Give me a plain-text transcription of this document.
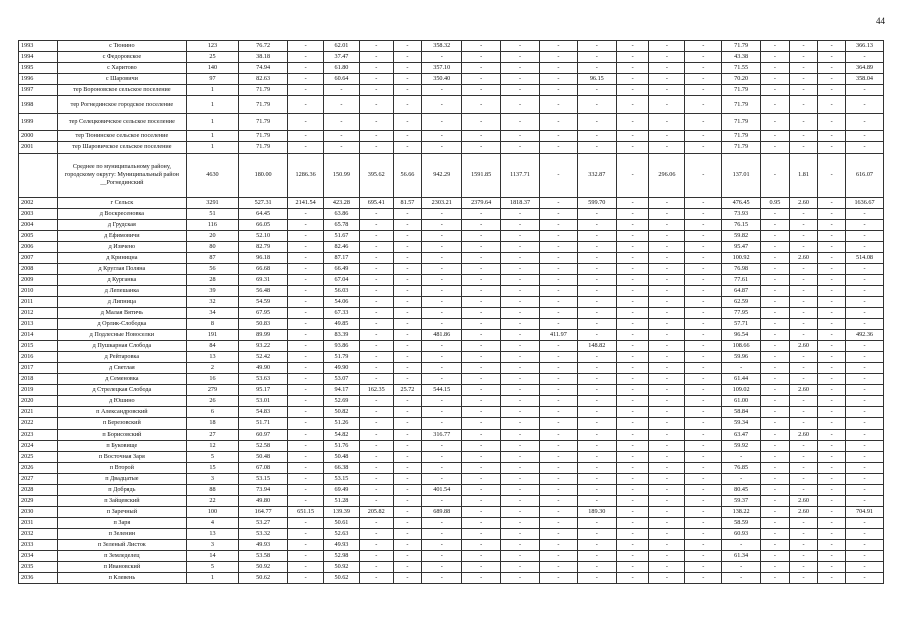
44
1993	с Тюнино	123	76.72	-	62.01	-	-	358.32	-	-	-	-	-	-	-	71.79	-	-	-	366.13
1994	с Федоровское	25	38.18	-	37.47	-	-	-	-	-	-	-	-	-	-	43.38	-	-	-	-
1995	с Харитово	140	74.94	-	61.80	-	-	357.10	-	-	-	-	-	-	-	71.55	-	-	-	364.89
1996	с Шаровичи	97	82.63	-	60.64	-	-	350.40	-	-	-	96.15	-	-	-	70.20	-	-	-	358.04
1997	тер Вороновское сельское поселение	1	71.79	-	-	-	-	-	-	-	-	-	-	-	-	71.79	-	-	-	-
1998	тер Рогнединское городское поселение	1	71.79	-	-	-	-	-	-	-	-	-	-	-	-	71.79	-	-	-	-
1999	тер Селецковичское сельское поселение	1	71.79	-	-	-	-	-	-	-	-	-	-	-	-	71.79	-	-	-	-
2000	тер Тюнинское сельское поселение	1	71.79	-	-	-	-	-	-	-	-	-	-	-	-	71.79	-	-	-	-
2001	тер Шаровичское сельское поселение	1	71.79	-	-	-	-	-	-	-	-	-	-	-	-	71.79	-	-	-	-
	Среднее по муниципальному району, городскому округу: Муниципальный район __Рогнединский	4630	180.00	1286.36	150.99	395.62	56.66	942.29	1591.85	1137.71	-	332.87	-	296.06	-	137.01	-	1.81	-	616.07
2002	г Сельск	3291	527.31	2141.54	423.28	695.41	81.57	2303.21	2379.64	1818.37	-	599.70	-	-	-	476.45	0.95	2.60	-	1636.67
2003	д Воскресеновка	51	64.45	-	63.86	-	-	-	-	-	-	-	-	-	-	73.93	-	-	-	-
2004	д Грудская	116	66.05	-	65.78	-	-	-	-	-	-	-	-	-	-	76.15	-	-	-	-
2005	д Ефимовичи	20	52.10	-	51.67	-	-	-	-	-	-	-	-	-	-	59.82	-	-	-	-
2006	д Извчено	80	82.79	-	82.46	-	-	-	-	-	-	-	-	-	-	95.47	-	-	-	-
2007	д Криницна	87	96.18	-	87.17	-	-	-	-	-	-	-	-	-	-	100.92	-	2.60	-	514.08
2008	д Круглая Поляна	56	66.68	-	66.49	-	-	-	-	-	-	-	-	-	-	76.98	-	-	-	-
2009	д Курганка	28	69.31	-	67.04	-	-	-	-	-	-	-	-	-	-	77.61	-	-	-	-
2010	д Лепешанка	39	56.48	-	56.03	-	-	-	-	-	-	-	-	-	-	64.87	-	-	-	-
2011	д Липница	32	54.59	-	54.06	-	-	-	-	-	-	-	-	-	-	62.59	-	-	-	-
2012	д Малая Вятичь	34	67.95	-	67.33	-	-	-	-	-	-	-	-	-	-	77.95	-	-	-	-
2013	д Орлик-Слободка	8	50.83	-	49.85	-	-	-	-	-	-	-	-	-	-	57.71	-	-	-	-
2014	д Подлесные Новоселки	191	89.99	-	83.39	-	-	481.86	-	-	411.97	-	-	-	-	96.54	-	-	-	492.36
2015	д Пушкарная Слобода	84	93.22	-	93.86	-	-	-	-	-	-	148.82	-	-	-	108.66	-	2.60	-	-
2016	д Рейтаровка	13	52.42	-	51.79	-	-	-	-	-	-	-	-	-	-	59.96	-	-	-	-
2017	д Светлая	2	49.90	-	49.90	-	-	-	-	-	-	-	-	-	-	-	-	-	-	-
2018	д Семеновка	16	53.63	-	53.07	-	-	-	-	-	-	-	-	-	-	61.44	-	-	-	-
2019	д Стрелецкая Слобода	279	95.17	-	94.17	162.35	25.72	544.15	-	-	-	-	-	-	-	109.02	-	2.60	-	-
2020	д Юшино	26	53.01	-	52.69	-	-	-	-	-	-	-	-	-	-	61.00	-	-	-	-
2021	п Александровский	6	54.83	-	50.82	-	-	-	-	-	-	-	-	-	-	58.84	-	-	-	-
2022	п Березовский	18	51.71	-	51.26	-	-	-	-	-	-	-	-	-	-	59.34	-	-	-	-
2023	п Борисовский	27	60.97	-	54.82	-	-	316.77	-	-	-	-	-	-	-	63.47	-	2.60	-	-
2024	п Буковище	12	52.58	-	51.76	-	-	-	-	-	-	-	-	-	-	59.92	-	-	-	-
2025	п Восточная Заря	5	50.48	-	50.48	-	-	-	-	-	-	-	-	-	-	-	-	-	-	-
2026	п Второй	15	67.08	-	66.38	-	-	-	-	-	-	-	-	-	-	76.85	-	-	-	-
2027	п Двадцатые	3	53.15	-	53.15	-	-	-	-	-	-	-	-	-	-	-	-	-	-	-
2028	п Добрядь	88	73.94	-	69.49	-	-	401.54	-	-	-	-	-	-	-	80.45	-	-	-	-
2029	п Зайцевский	22	49.80	-	51.28	-	-	-	-	-	-	-	-	-	-	59.37	-	2.60	-	-
2030	п Заречный	100	164.77	651.15	139.39	205.82	-	689.88	-	-	-	189.30	-	-	-	138.22	-	2.60	-	704.91
2031	п Заря	4	53.27	-	50.61	-	-	-	-	-	-	-	-	-	-	58.59	-	-	-	-
2032	п Зеленин	13	53.32	-	52.63	-	-	-	-	-	-	-	-	-	-	60.93	-	-	-	-
2033	п Зеленый Листок	3	49.93	-	49.93	-	-	-	-	-	-	-	-	-	-	-	-	-	-	-
2034	п Земледелец	14	53.58	-	52.98	-	-	-	-	-	-	-	-	-	-	61.34	-	-	-	-
2035	п Ивановский	5	50.92	-	50.92	-	-	-	-	-	-	-	-	-	-	-	-	-	-	-
2036	п Клевень	1	50.62	-	50.62	-	-	-	-	-	-	-	-	-	-	-	-	-	-	-
